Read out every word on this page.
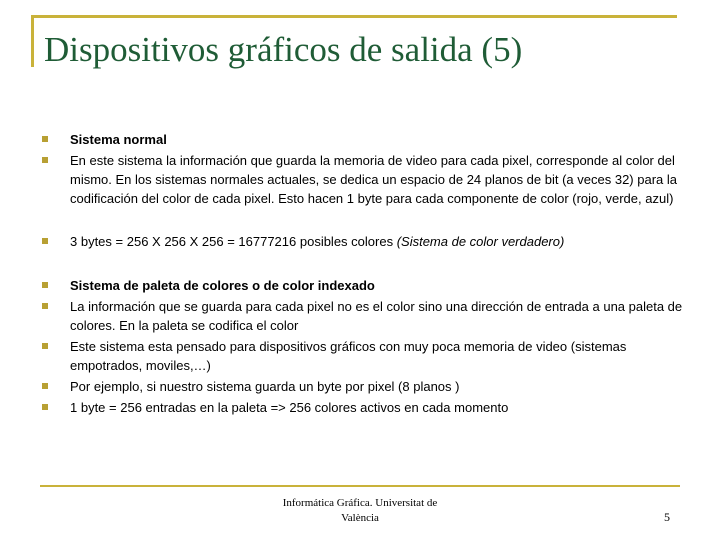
Dispositivos gráficos de salida (5)
Sistema normal
En este sistema la información que guarda la memoria de video para cada pixel, corresponde al color del mismo. En los sistemas normales actuales, se dedica un espacio de 24 planos de bit (a veces 32) para la codificación del color de cada pixel. Esto hacen 1 byte para cada componente de color (rojo, verde, azul)
3 bytes = 256 X 256 X 256 = 16777216 posibles colores (Sistema de color verdadero)
Sistema de paleta de colores o de color indexado
La información que se guarda para cada pixel no es el color sino una dirección de entrada a una paleta de colores. En la paleta se codifica el color
Este sistema esta pensado para dispositivos gráficos con muy poca memoria de video (sistemas empotrados, moviles,…)
Por ejemplo, si nuestro sistema guarda un byte por pixel (8 planos )
1 byte = 256 entradas en la paleta => 256 colores activos en cada momento
Informática Gráfica. Universitat de
València	5
